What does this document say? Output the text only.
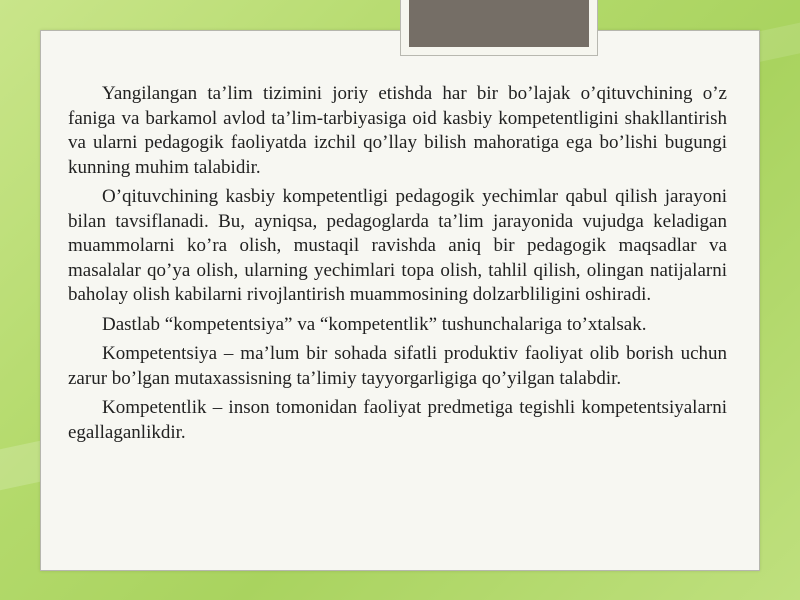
Yangilangan ta’lim tizimini joriy etishda har bir bo’lajak o’qituvchining o’z faniga va barkamol avlod ta’lim-tarbiyasiga oid kasbiy kompetentligini shakllantirish va ularni pedagogik faoliyatda izchil qo’llay bilish mahoratiga ega bo’lishi bugungi kunning muhim talabidir.

O’qituvchining kasbiy kompetentligi pedagogik yechimlar qabul qilish jarayoni bilan tavsiflanadi. Bu, ayniqsa, pedagoglarda ta’lim jarayonida vujudga keladigan muammolarni ko’ra olish, mustaqil ravishda aniq bir pedagogik maqsadlar va masalalar qo’ya olish, ularning yechimlari topa olish, tahlil qilish, olingan natijalarni baholay olish kabilarni rivojlantirish muammosining dolzarbliligini oshiradi.

Dastlab “kompetentsiya” va “kompetentlik” tushunchalariga to’xtalsak.

Kompetentsiya – ma’lum bir sohada sifatli produktiv faoliyat olib borish uchun zarur bo’lgan mutaxassisning ta’limiy tayyorgarligiga qo’yilgan talabdir.

Kompetentlik – inson tomonidan faoliyat predmetiga tegishli kompetentsiyalarni egallaganlikdir.
